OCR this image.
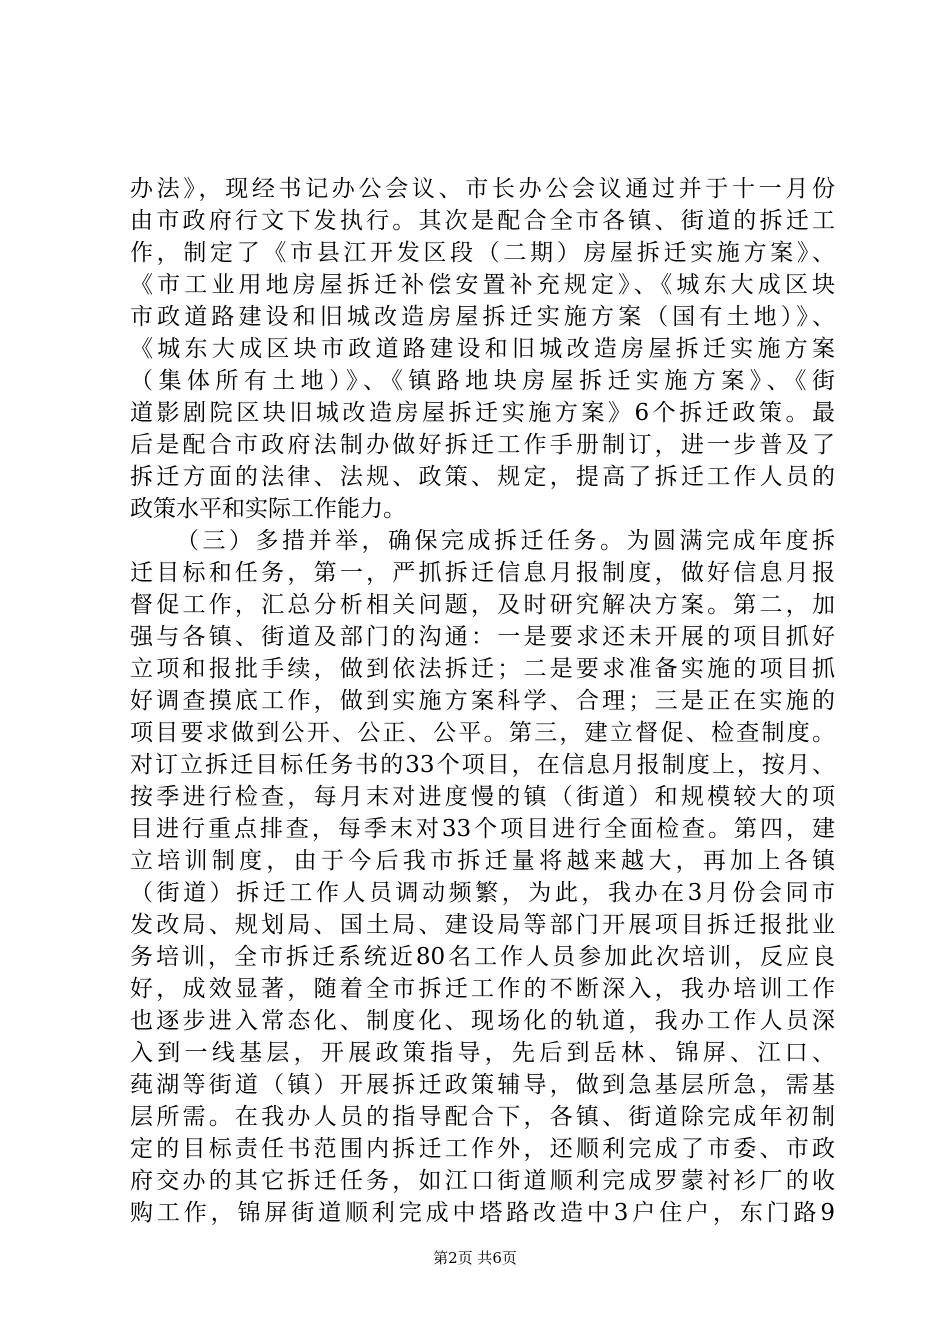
办法》，现经书记办公会议、市长办公会议通过并于十一月份
由市政府行文下发执行。其次是配合全市各镇、街道的拆迁工
作，制定了《市县江开发区段（二期）房屋拆迁实施方案》、
《市工业用地房屋拆迁补偿安置补充规定》、《城东大成区块
市政道路建设和旧城改造房屋拆迁实施方案（国有土地）》、
《城东大成区块市政道路建设和旧城改造房屋拆迁实施方案
（集体所有土地）》、《镇路地块房屋拆迁实施方案》、《街
道影剧院区块旧城改造房屋拆迁实施方案》6个拆迁政策。最
后是配合市政府法制办做好拆迁工作手册制订，进一步普及了
拆迁方面的法律、法规、政策、规定，提高了拆迁工作人员的
政策水平和实际工作能力。
（三）多措并举，确保完成拆迁任务。为圆满完成年度拆
迁目标和任务，第一，严抓拆迁信息月报制度，做好信息月报
督促工作，汇总分析相关问题，及时研究解决方案。第二，加
强与各镇、街道及部门的沟通：一是要求还未开展的项目抓好
立项和报批手续，做到依法拆迁；二是要求准备实施的项目抓
好调查摸底工作，做到实施方案科学、合理；三是正在实施的
项目要求做到公开、公正、公平。第三，建立督促、检查制度。
对订立拆迁目标任务书的33个项目，在信息月报制度上，按月、
按季进行检查，每月末对进度慢的镇（街道）和规模较大的项
目进行重点排查，每季末对33个项目进行全面检查。第四，建
立培训制度，由于今后我市拆迁量将越来越大，再加上各镇
（街道）拆迁工作人员调动频繁，为此，我办在3月份会同市
发改局、规划局、国土局、建设局等部门开展项目拆迁报批业
务培训，全市拆迁系统近80名工作人员参加此次培训，反应良
好，成效显著，随着全市拆迁工作的不断深入，我办培训工作
也逐步进入常态化、制度化、现场化的轨道，我办工作人员深
入到一线基层，开展政策指导，先后到岳林、锦屏、江口、
莼湖等街道（镇）开展拆迁政策辅导，做到急基层所急，需基
层所需。在我办人员的指导配合下，各镇、街道除完成年初制
定的目标责任书范围内拆迁工作外，还顺利完成了市委、市政
府交办的其它拆迁任务，如江口街道顺利完成罗蒙衬衫厂的收
购工作，锦屏街道顺利完成中塔路改造中3户住户，东门路9
第2页 共6页
